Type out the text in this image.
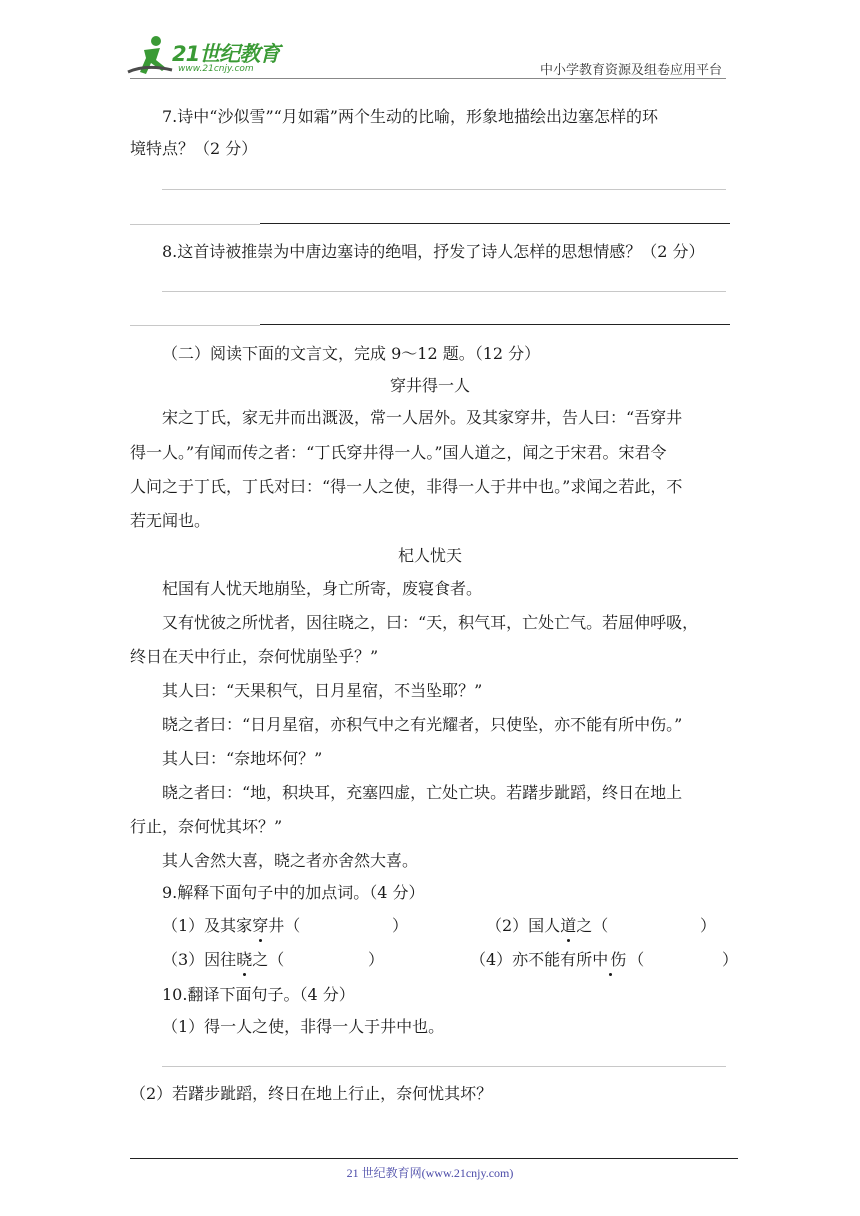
21世纪教育
www.21cnjy.com	中小学教育资源及组卷应用平台
7.诗中“沙似雪”“月如霜”两个生动的比喻，形象地描绘出边塞怎样的环
境特点？（2 分）
8.这首诗被推崇为中唐边塞诗的绝唱，抒发了诗人怎样的思想情感？（2 分）
（二）阅读下面的文言文，完成 9～12 题。（12 分）
穿井得一人
宋之丁氏，家无井而出溉汲，常一人居外。及其家穿井，告人曰：“吾穿井
得一人。”有闻而传之者：“丁氏穿井得一人。”国人道之，闻之于宋君。宋君令
人问之于丁氏，丁氏对曰：“得一人之使，非得一人于井中也。”求闻之若此，不
若无闻也。
杞人忧天
杞国有人忧天地崩坠，身亡所寄，废寝食者。
又有忧彼之所忧者，因往晓之，曰：“天，积气耳，亡处亡气。若屈伸呼吸，
终日在天中行止，奈何忧崩坠乎？”
其人曰：“天果积气，日月星宿，不当坠耶？”
晓之者曰：“日月星宿，亦积气中之有光耀者，只使坠，亦不能有所中伤。”
其人曰：“奈地坏何？”
晓之者曰：“地，积块耳，充塞四虚，亡处亡块。若躇步跐蹈，终日在地上
行止，奈何忧其坏？”
其人舍然大喜，晓之者亦舍然大喜。
9.解释下面句子中的加点词。（4 分）
（1）及其家穿井（	）	（2）国人道之（	）
（3）因往晓之（	）	（4）亦不能有所中伤（	）
10.翻译下面句子。（4 分）
（1）得一人之使，非得一人于井中也。
（2）若躇步跐蹈，终日在地上行止，奈何忧其坏？
21 世纪教育网(www.21cnjy.com)
